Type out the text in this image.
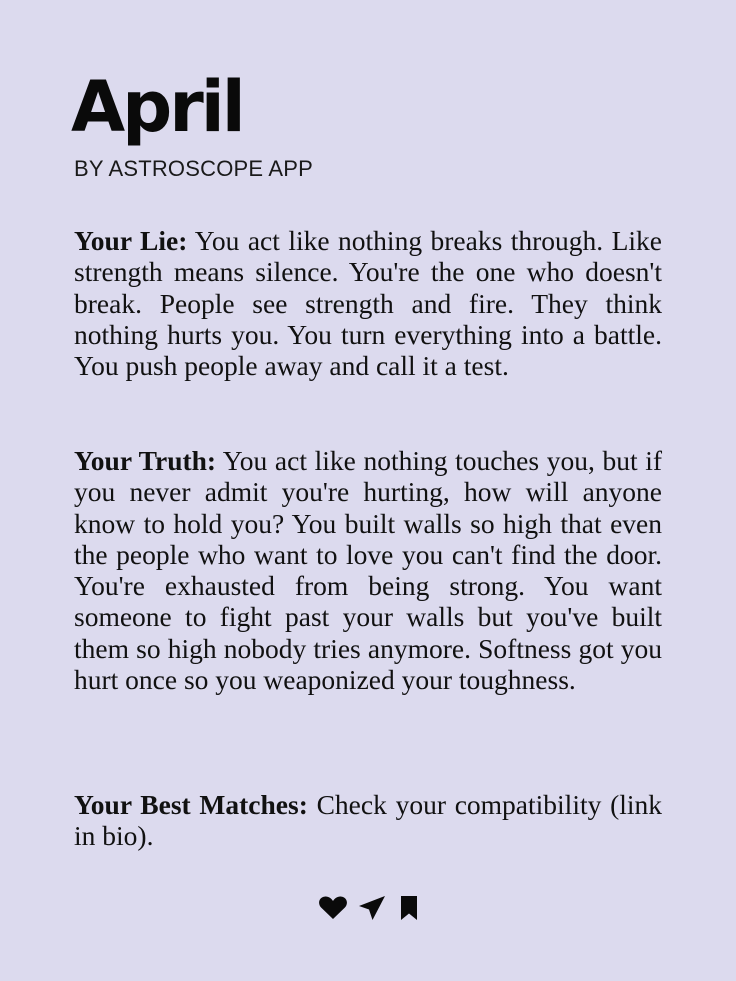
April
BY ASTROSCOPE APP

Your Lie: You act like nothing breaks through. Like strength means silence. You're the one who doesn't break. People see strength and fire. They think nothing hurts you. You turn everything into a battle. You push people away and call it a test.

Your Truth: You act like nothing touches you, but if you never admit you're hurting, how will anyone know to hold you? You built walls so high that even the people who want to love you can't find the door. You're exhausted from being strong. You want someone to fight past your walls but you've built them so high nobody tries anymore. Softness got you hurt once so you weaponized your toughness.

Your Best Matches: Check your compatibility (link in bio).
